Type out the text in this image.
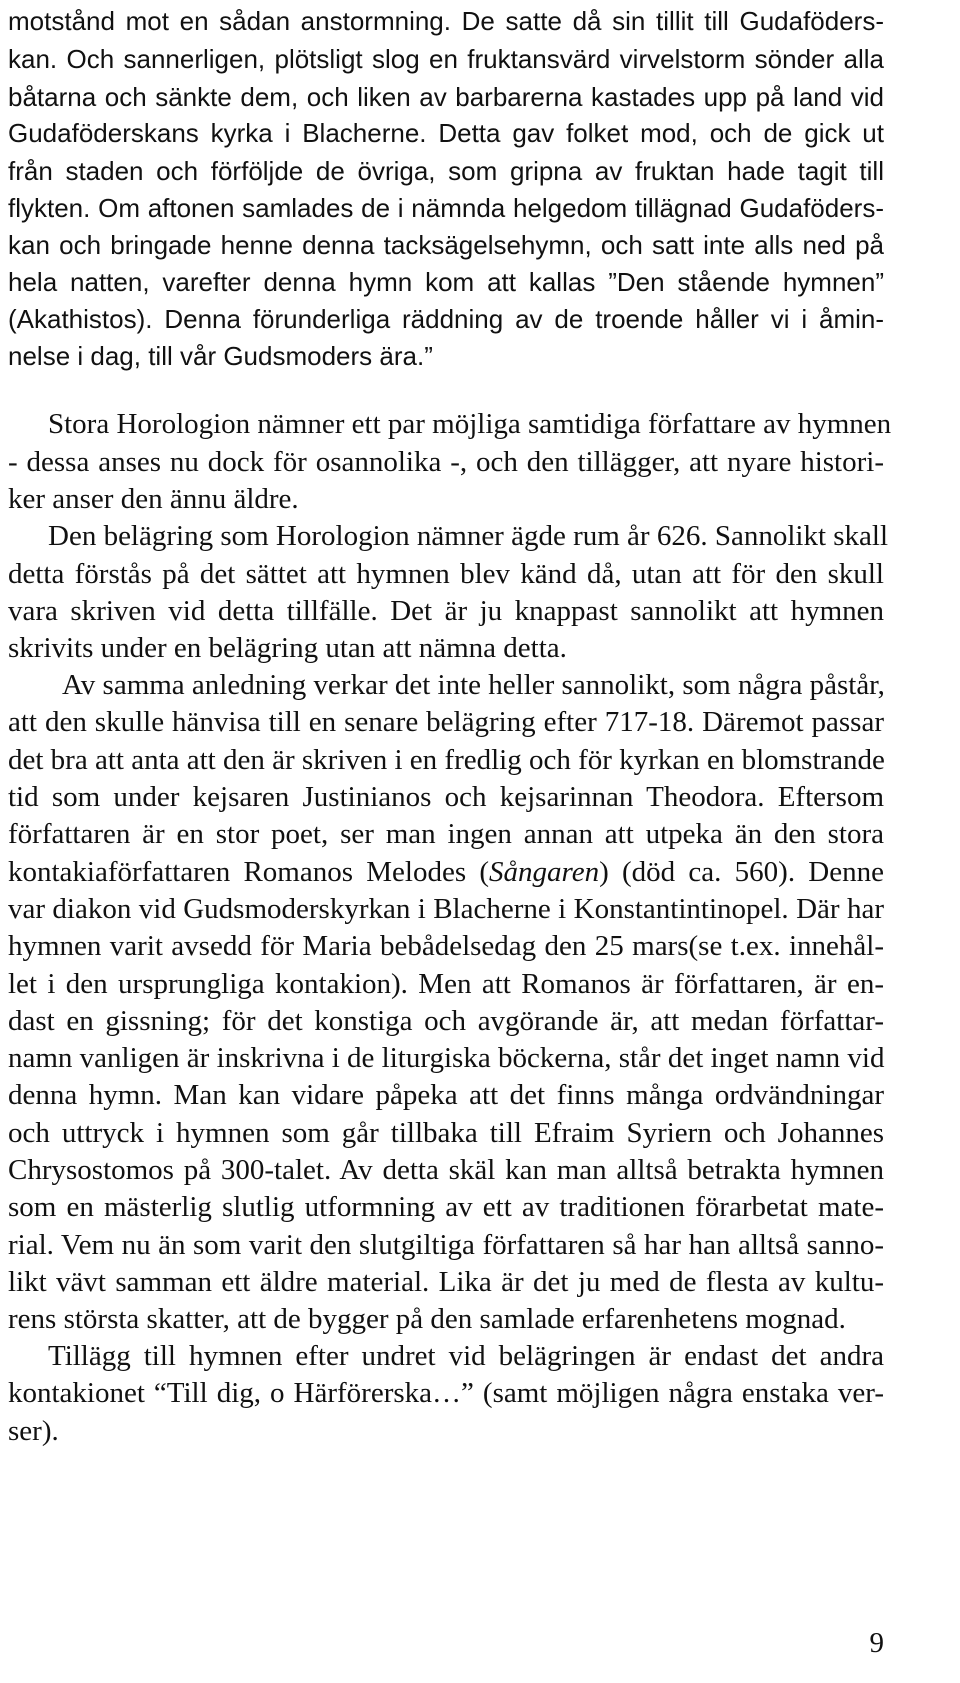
motstånd mot en sådan anstormning. De satte då sin tillit till Gudaföders-
kan. Och sannerligen, plötsligt slog en fruktansvärd virvelstorm sönder alla
båtarna och sänkte dem, och liken av barbarerna kastades upp på land vid
Gudaföderskans kyrka i Blacherne. Detta gav folket mod, och de gick ut
från staden och förföljde de övriga, som gripna av fruktan hade tagit till
flykten. Om aftonen samlades de i nämnda helgedom tillägnad Gudaföders-
kan och bringade henne denna tacksägelsehymn, och satt inte alls ned på
hela natten, varefter denna hymn kom att kallas ”Den stående hymnen”
(Akathistos). Denna förunderliga räddning av de troende håller vi i åmin-
nelse i dag, till vår Gudsmoders ära.”
Stora Horologion nämner ett par möjliga samtidiga författare av hymnen
- dessa anses nu dock för osannolika -, och den tillägger, att nyare histori-
ker anser den ännu äldre.
Den belägring som Horologion nämner ägde rum år 626. Sannolikt skall
detta förstås på det sättet att hymnen blev känd då, utan att för den skull
vara skriven vid detta tillfälle. Det är ju knappast sannolikt att hymnen
skrivits under en belägring utan att nämna detta.
Av samma anledning verkar det inte heller sannolikt, som några påstår,
att den skulle hänvisa till en senare belägring efter 717-18. Däremot passar
det bra att anta att den är skriven i en fredlig och för kyrkan en blomstrande
tid som under kejsaren Justinianos och kejsarinnan Theodora. Eftersom
författaren är en stor poet, ser man ingen annan att utpeka än den stora
kontakiaförfattaren Romanos Melodes (Sångaren) (död ca. 560). Denne
var diakon vid Gudsmoderskyrkan i Blacherne i Konstantintinopel. Där har
hymnen varit avsedd för Maria bebådelsedag den 25 mars(se t.ex. innehål-
let i den ursprungliga kontakion). Men att Romanos är författaren, är en-
dast en gissning; för det konstiga och avgörande är, att medan författar-
namn vanligen är inskrivna i de liturgiska böckerna, står det inget namn vid
denna hymn. Man kan vidare påpeka att det finns många ordvändningar
och uttryck i hymnen som går tillbaka till Efraim Syriern och Johannes
Chrysostomos på 300-talet. Av detta skäl kan man alltså betrakta hymnen
som en mästerlig slutlig utformning av ett av traditionen förarbetat mate-
rial. Vem nu än som varit den slutgiltiga författaren så har han alltså sanno-
likt vävt samman ett äldre material. Lika är det ju med de flesta av kultu-
rens största skatter, att de bygger på den samlade erfarenhetens mognad.
Tillägg till hymnen efter undret vid belägringen är endast det andra
kontakionet “Till dig, o Härförerska…” (samt möjligen några enstaka ver-
ser).
9
